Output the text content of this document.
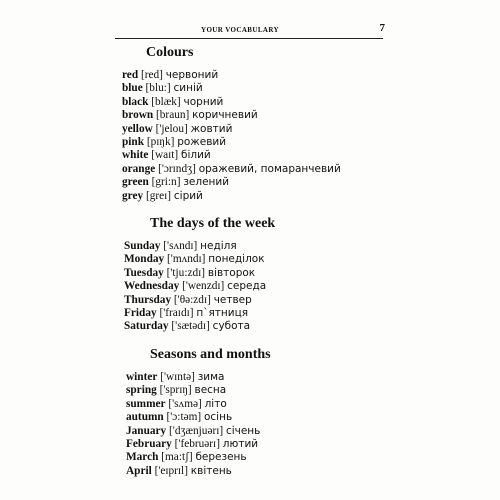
YOUR VOCABULARY	7
Colours
red [red] червоний
blue [blu:] синій
black [blæk] чорний
brown [braun] коричневий
yellow ['jelou] жовтий
pink [pɪŋk] рожевий
white [waɪt] білий
orange ['ɔrɪndʒ] оражевий, помаранчевий
green [gri:n] зелений
grey [greɪ] сірий
The days of the week
Sunday ['sʌndɪ] неділя
Monday ['mʌndɪ] понеділок
Tuesday ['tju:zdɪ] вівторок
Wednesday ['wenzdɪ] середа
Thursday ['θə:zdɪ] четвер
Friday ['fraɪdɪ] п`ятниця
Saturday ['sætədɪ] субота
Seasons and months
winter ['wɪntə] зима
spring ['sprɪŋ] весна
summer ['sʌmə] літо
autumn ['ɔ:təm] осінь
January ['dʒænjuərɪ] січень
February ['februərɪ] лютий
March [ma:tʃ] березень
April ['eɪprɪl] квітень
